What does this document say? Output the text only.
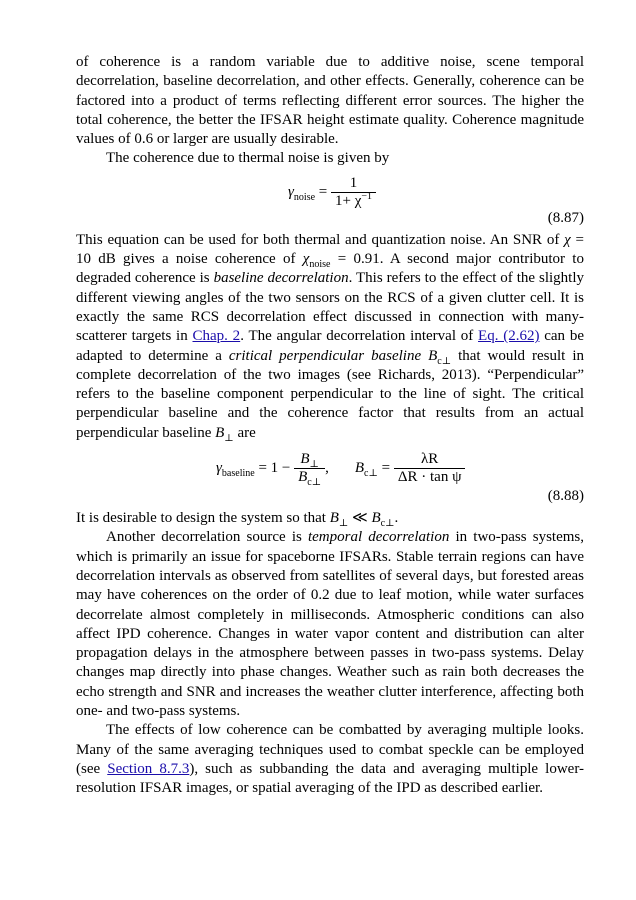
of coherence is a random variable due to additive noise, scene temporal decorrelation, baseline decorrelation, and other effects. Generally, coherence can be factored into a product of terms reflecting different error sources. The higher the total coherence, the better the IFSAR height estimate quality. Coherence magnitude values of 0.6 or larger are usually desirable.

The coherence due to thermal noise is given by

$\gamma_{noise} = \frac{1}{1+ \chi^{-1}}$
(8.87)

This equation can be used for both thermal and quantization noise. An SNR of χ = 10 dB gives a noise coherence of $\chi_{noise} = 0.91$. A second major contributor to degraded coherence is baseline decorrelation. This refers to the effect of the slightly different viewing angles of the two sensors on the RCS of a given clutter cell. It is exactly the same RCS decorrelation effect discussed in connection with many-scatterer targets in Chap. 2. The angular decorrelation interval of Eq. (2.62) can be adapted to determine a critical perpendicular baseline $B_{c\perp}$ that would result in complete decorrelation of the two images (see Richards, 2013). “Perpendicular” refers to the baseline component perpendicular to the line of sight. The critical perpendicular baseline and the coherence factor that results from an actual perpendicular baseline $B_\perp$ are

$\gamma_{baseline} = 1 - \frac{B_\perp}{B_{c\perp}}$ , $B_{c\perp} = \frac{\lambda R}{\text{ΔR · tan ψ}}$
(8.88)

It is desirable to design the system so that $B_\perp$ ≪ $B_{c\perp}$.

Another decorrelation source is temporal decorrelation in two-pass systems, which is primarily an issue for spaceborne IFSARs. Stable terrain regions can have decorrelation intervals as observed from satellites of several days, but forested areas may have coherences on the order of 0.2 due to leaf motion, while water surfaces decorrelate almost completely in milliseconds. Atmospheric conditions can also affect IPD coherence. Changes in water vapor content and distribution can alter propagation delays in the atmosphere between passes in two-pass systems. Delay changes map directly into phase changes. Weather such as rain both decreases the echo strength and SNR and increases the weather clutter interference, affecting both one- and two-pass systems.

The effects of low coherence can be combatted by averaging multiple looks. Many of the same averaging techniques used to combat speckle can be employed (see Section 8.7.3), such as subbanding the data and averaging multiple lower-resolution IFSAR images, or spatial averaging of the IPD as described earlier.
